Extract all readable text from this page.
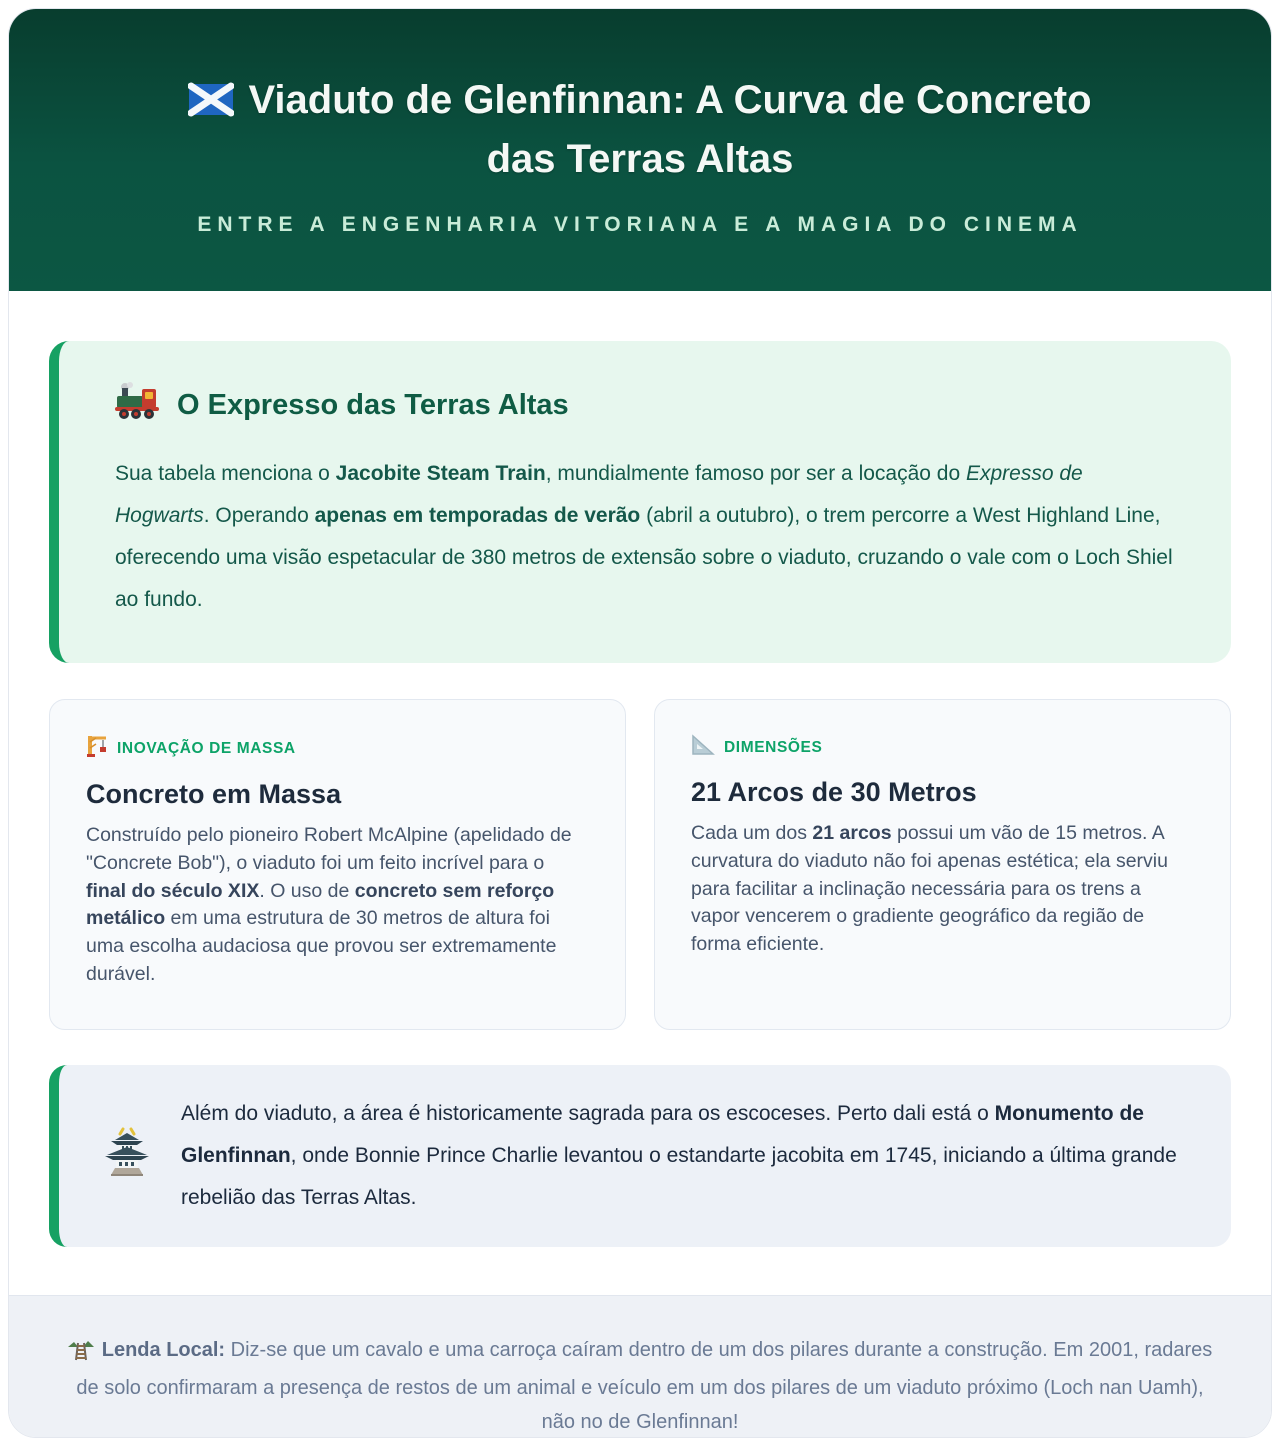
Viaduto de Glenfinnan: A Curva de Concreto
das Terras Altas
ENTRE A ENGENHARIA VITORIANA E A MAGIA DO CINEMA
O Expresso das Terras Altas

Sua tabela menciona o Jacobite Steam Train, mundialmente famoso por ser a locação do Expresso de Hogwarts. Operando apenas em temporadas de verão (abril a outubro), o trem percorre a West Highland Line, oferecendo uma visão espetacular de 380 metros de extensão sobre o viaduto, cruzando o vale com o Loch Shiel ao fundo.

INOVAÇÃO DE MASSA
Concreto em Massa

Construído pelo pioneiro Robert McAlpine (apelidado de "Concrete Bob"), o viaduto foi um feito incrível para o final do século XIX. O uso de concreto sem reforço metálico em uma estrutura de 30 metros de altura foi uma escolha audaciosa que provou ser extremamente durável.

DIMENSÕES
21 Arcos de 30 Metros

Cada um dos 21 arcos possui um vão de 15 metros. A curvatura do viaduto não foi apenas estética; ela serviu para facilitar a inclinação necessária para os trens a vapor vencerem o gradiente geográfico da região de forma eficiente.

Além do viaduto, a área é historicamente sagrada para os escoceses. Perto dali está o Monumento de Glenfinnan, onde Bonnie Prince Charlie levantou o estandarte jacobita em 1745, iniciando a última grande rebelião das Terras Altas.

Lenda Local: Diz-se que um cavalo e uma carroça caíram dentro de um dos pilares durante a construção. Em 2001, radares de solo confirmaram a presença de restos de um animal e veículo em um dos pilares de um viaduto próximo (Loch nan Uamh), não no de Glenfinnan!
